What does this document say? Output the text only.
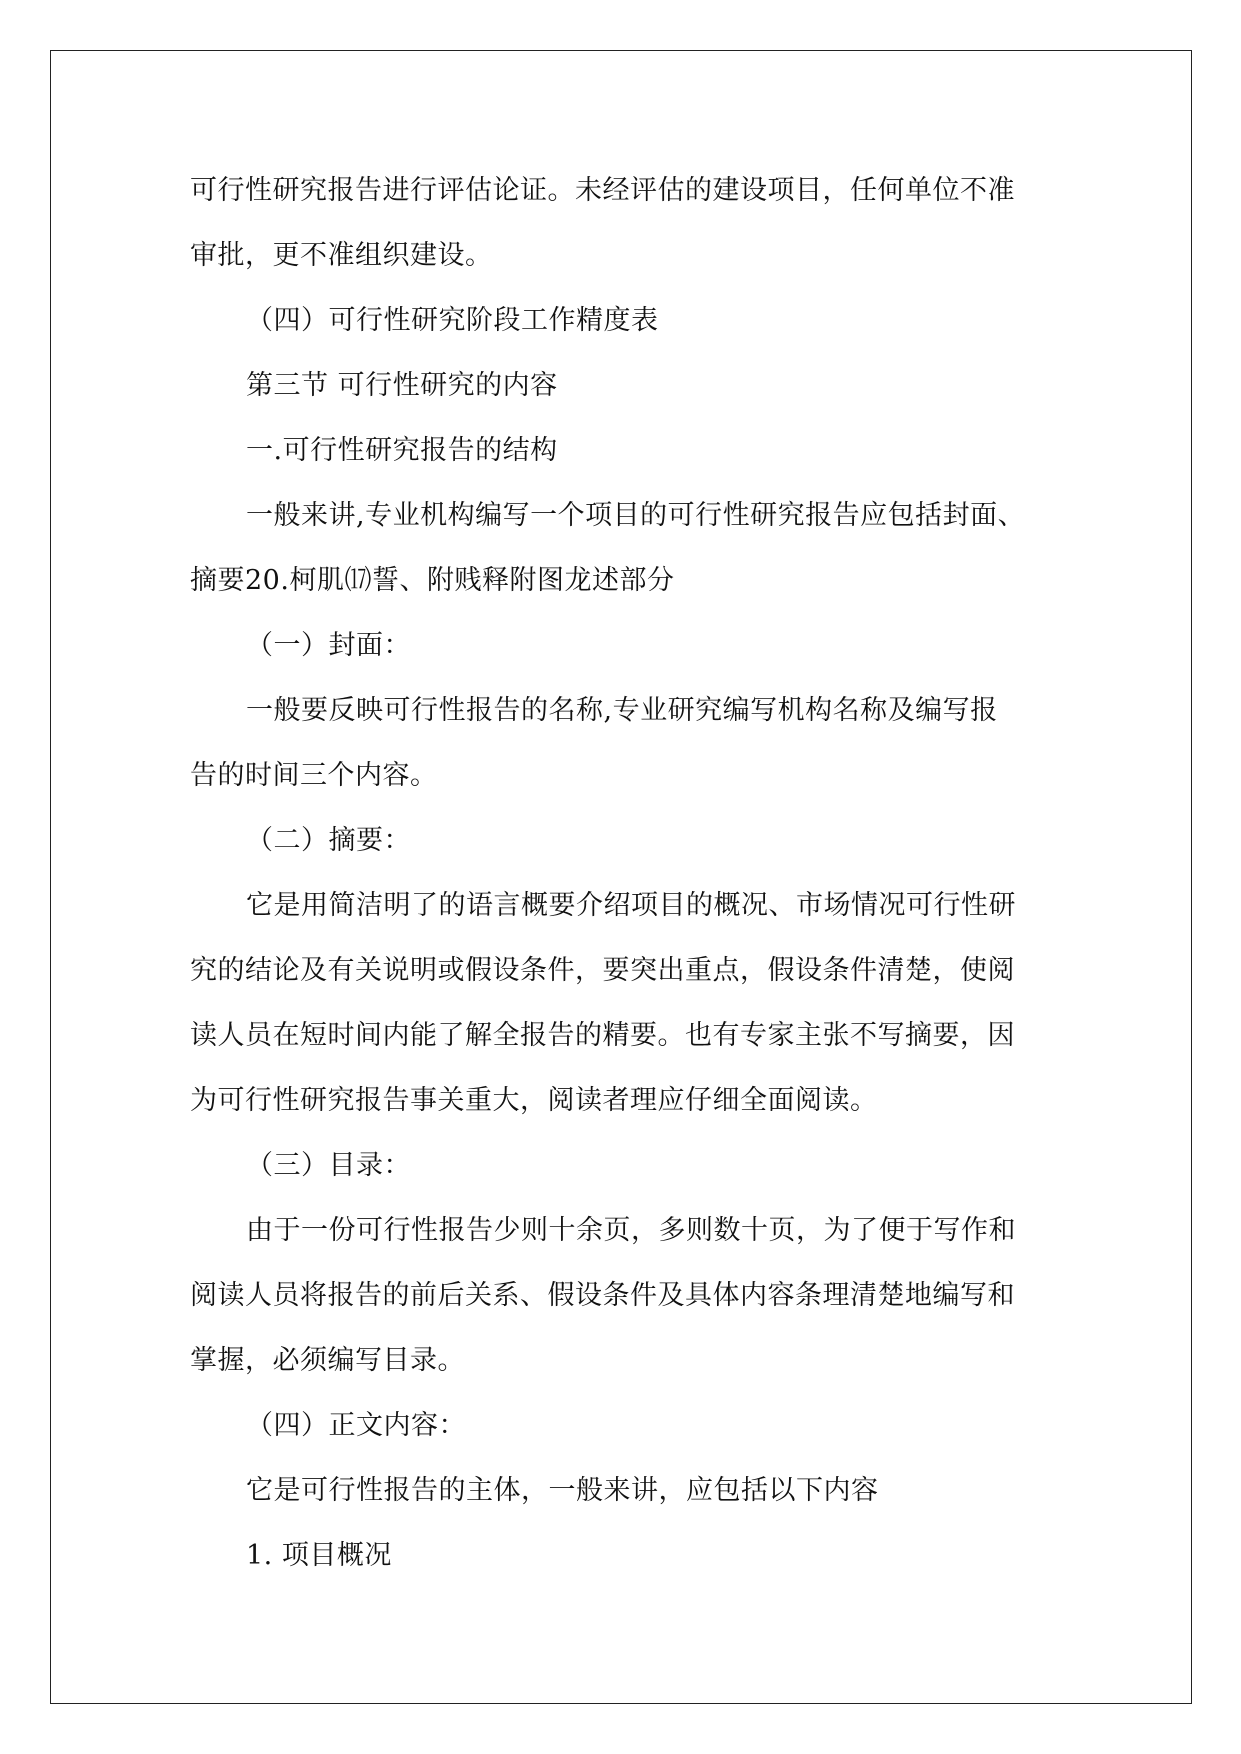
可行性研究报告进行评估论证。未经评估的建设项目，任何单位不准
审批，更不准组织建设。
（四）可行性研究阶段工作精度表
第三节 可行性研究的内容
一.可行性研究报告的结构
一般来讲,专业机构编写一个项目的可行性研究报告应包括封面、
摘要20.柯肌⒄誓、附贱释附图龙述部分
（一）封面：
一般要反映可行性报告的名称,专业研究编写机构名称及编写报
告的时间三个内容。
（二）摘要：
它是用简洁明了的语言概要介绍项目的概况、市场情况可行性研
究的结论及有关说明或假设条件，要突出重点，假设条件清楚，使阅
读人员在短时间内能了解全报告的精要。也有专家主张不写摘要，因
为可行性研究报告事关重大，阅读者理应仔细全面阅读。
（三）目录：
由于一份可行性报告少则十余页，多则数十页，为了便于写作和
阅读人员将报告的前后关系、假设条件及具体内容条理清楚地编写和
掌握，必须编写目录。
（四）正文内容：
它是可行性报告的主体，一般来讲，应包括以下内容
1. 项目概况
